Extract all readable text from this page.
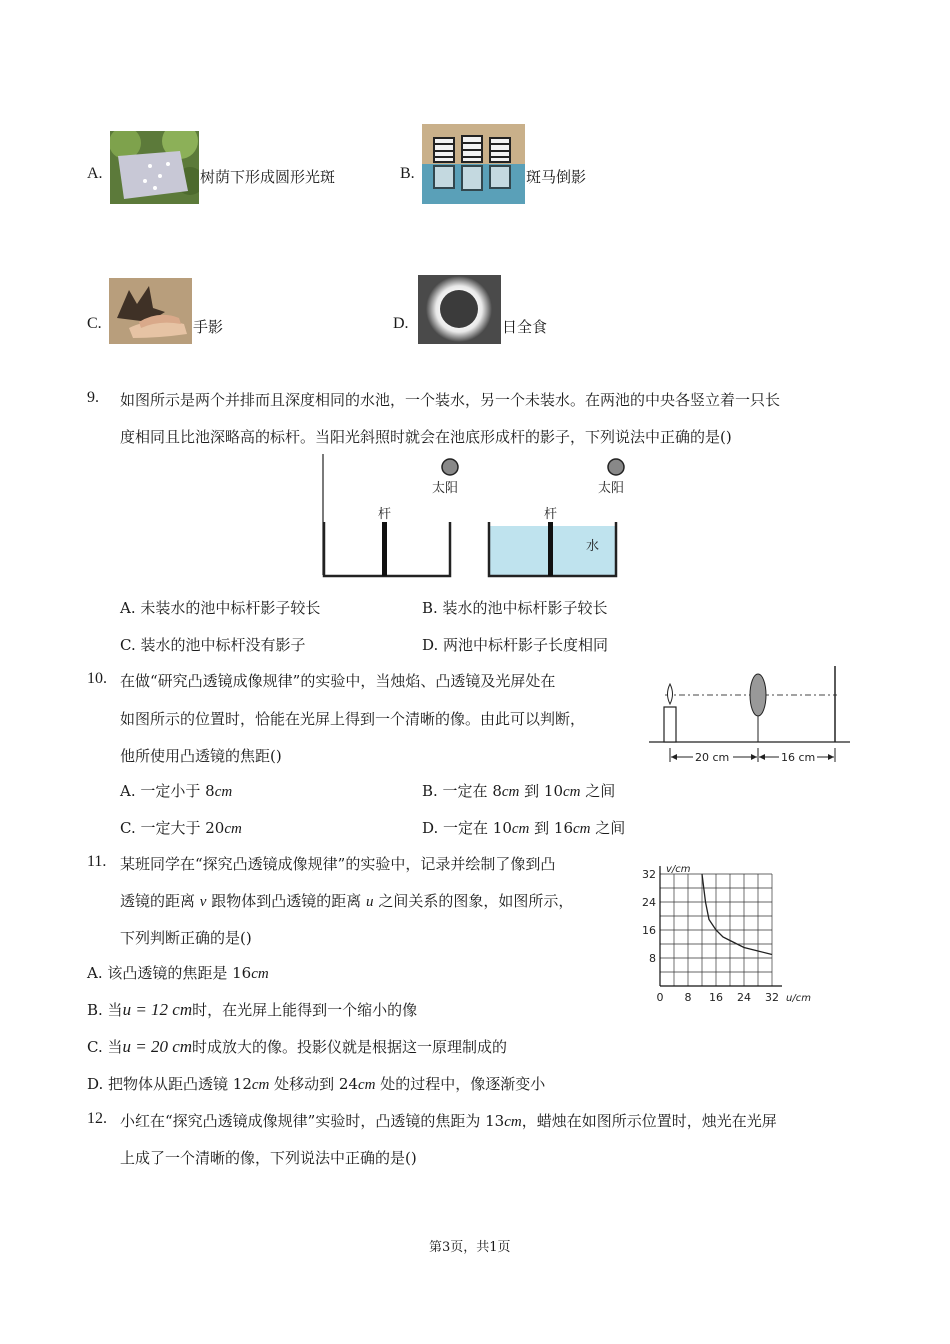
A.	树荫下形成圆形光斑	B.	斑马倒影
C.	手影	D.	日全食
9. 如图所示是两个并排而且深度相同的水池，一个装水，另一个未装水。在两池的中央各竖立着一只长
度相同且比池深略高的标杆。当阳光斜照时就会在池底形成杆的影子，下列说法中正确的是()
杆
太阳
杆
水
太阳
A. 未装水的池中标杆影子较长	B. 装水的池中标杆影子较长
C. 装水的池中标杆没有影子	D. 两池中标杆影子长度相同
10. 在做“研究凸透镜成像规律”的实验中，当烛焰、凸透镜及光屏处在
如图所示的位置时，恰能在光屏上得到一个清晰的像。由此可以判断，
他所使用凸透镜的焦距()	20 cm	16 cm
A. 一定小于 8cm	B. 一定在 8cm 到 10cm 之间
C. 一定大于 20cm	D. 一定在 10cm 到 16cm 之间
11. 某班同学在“探究凸透镜成像规律”的实验中，记录并绘制了像到凸
透镜的距离 v 跟物体到凸透镜的距离 u 之间关系的图象，如图所示，
下列判断正确的是()
0 8 16 24 32
8
16
24
32
u/cm
v/cm
A. 该凸透镜的焦距是 16cm
B. 当u = 12 cm时，在光屏上能得到一个缩小的像
C. 当u = 20 cm时成放大的像。投影仪就是根据这一原理制成的
D. 把物体从距凸透镜 12cm 处移动到 24cm 处的过程中，像逐渐变小
12. 小红在“探究凸透镜成像规律”实验时，凸透镜的焦距为 13cm，蜡烛在如图所示位置时，烛光在光屏
上成了一个清晰的像，下列说法中正确的是()
第3页，共1页
